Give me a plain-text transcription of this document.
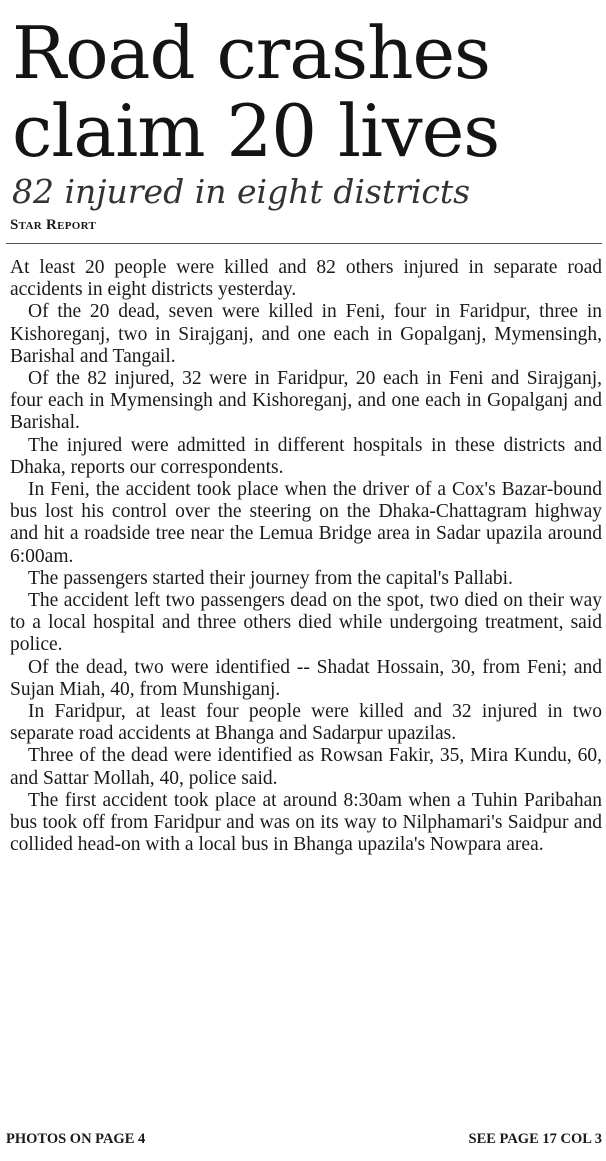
Road crashes
claim 20 lives
82 injured in eight districts
Star Report

At least 20 people were killed and 82 others injured in separate road accidents in eight districts yesterday.

Of the 20 dead, seven were killed in Feni, four in Faridpur, three in Kishoreganj, two in Sirajganj, and one each in Gopalganj, Mymensingh, Barishal and Tangail.

Of the 82 injured, 32 were in Faridpur, 20 each in Feni and Sirajganj, four each in Mymensingh and Kishoreganj, and one each in Gopalganj and Barishal.

The injured were admitted in different hospitals in these districts and Dhaka, reports our correspondents.

In Feni, the accident took place when the driver of a Cox's Bazar-bound bus lost his control over the steering on the Dhaka-Chattagram highway and hit a roadside tree near the Lemua Bridge area in Sadar upazila around 6:00am.

The passengers started their journey from the capital's Pallabi.

The accident left two passengers dead on the spot, two died on their way to a local hospital and three others died while undergoing treatment, said police.

Of the dead, two were identified -- Shadat Hossain, 30, from Feni; and Sujan Miah, 40, from Munshiganj.

In Faridpur, at least four people were killed and 32 injured in two separate road accidents at Bhanga and Sadarpur upazilas.

Three of the dead were identified as Rowsan Fakir, 35, Mira Kundu, 60, and Sattar Mollah, 40, police said.

The first accident took place at around 8:30am when a Tuhin Paribahan bus took off from Faridpur and was on its way to Nilphamari's Saidpur and collided head-on with a local bus in Bhanga upazila's Nowpara area.

PHOTOS ON PAGE 4	SEE PAGE 17 COL 3
